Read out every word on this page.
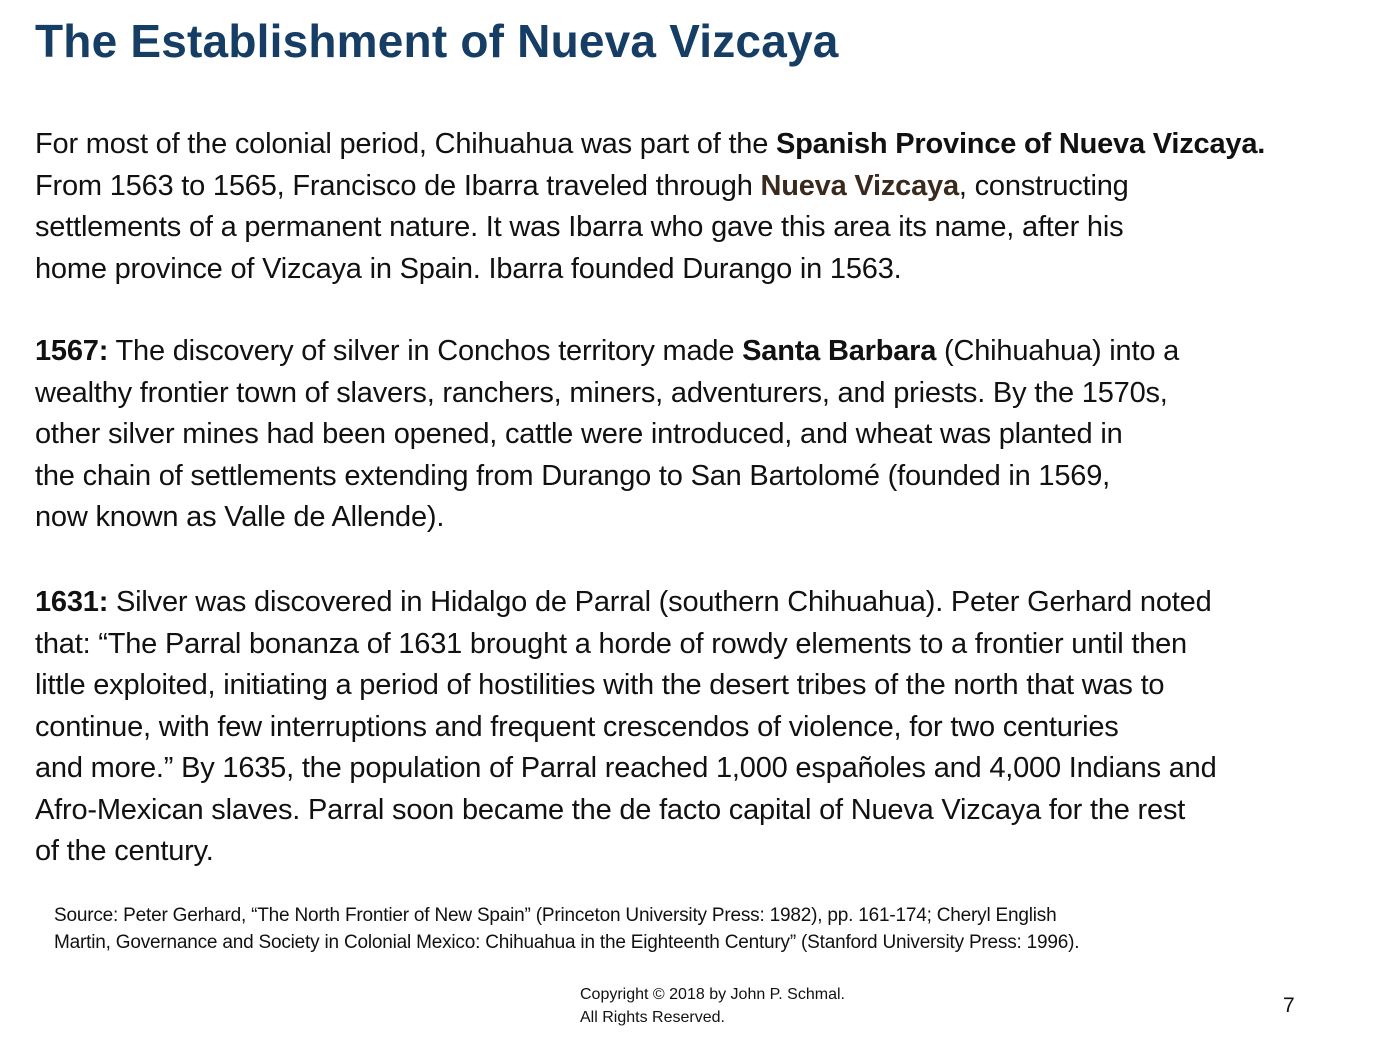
The Establishment of Nueva Vizcaya
For most of the colonial period, Chihuahua was part of the Spanish Province of Nueva Vizcaya.
From 1563 to 1565, Francisco de Ibarra traveled through Nueva Vizcaya, constructing
settlements of a permanent nature. It was Ibarra who gave this area its name, after his
home province of Vizcaya in Spain. Ibarra founded Durango in 1563.
1567: The discovery of silver in Conchos territory made Santa Barbara (Chihuahua) into a
wealthy frontier town of slavers, ranchers, miners, adventurers, and priests. By the 1570s,
other silver mines had been opened, cattle were introduced, and wheat was planted in
the chain of settlements extending from Durango to San Bartolomé (founded in 1569,
now known as Valle de Allende).
1631: Silver was discovered in Hidalgo de Parral (southern Chihuahua). Peter Gerhard noted
that: “The Parral bonanza of 1631 brought a horde of rowdy elements to a frontier until then
little exploited, initiating a period of hostilities with the desert tribes of the north that was to
continue, with few interruptions and frequent crescendos of violence, for two centuries
and more.” By 1635, the population of Parral reached 1,000 españoles and 4,000 Indians and
Afro-Mexican slaves. Parral soon became the de facto capital of Nueva Vizcaya for the rest
of the century.
Source: Peter Gerhard, “The North Frontier of New Spain” (Princeton University Press: 1982), pp. 161-174; Cheryl English
Martin, Governance and Society in Colonial Mexico: Chihuahua in the Eighteenth Century” (Stanford University Press: 1996).
Copyright © 2018 by John P. Schmal.
All Rights Reserved.
7
